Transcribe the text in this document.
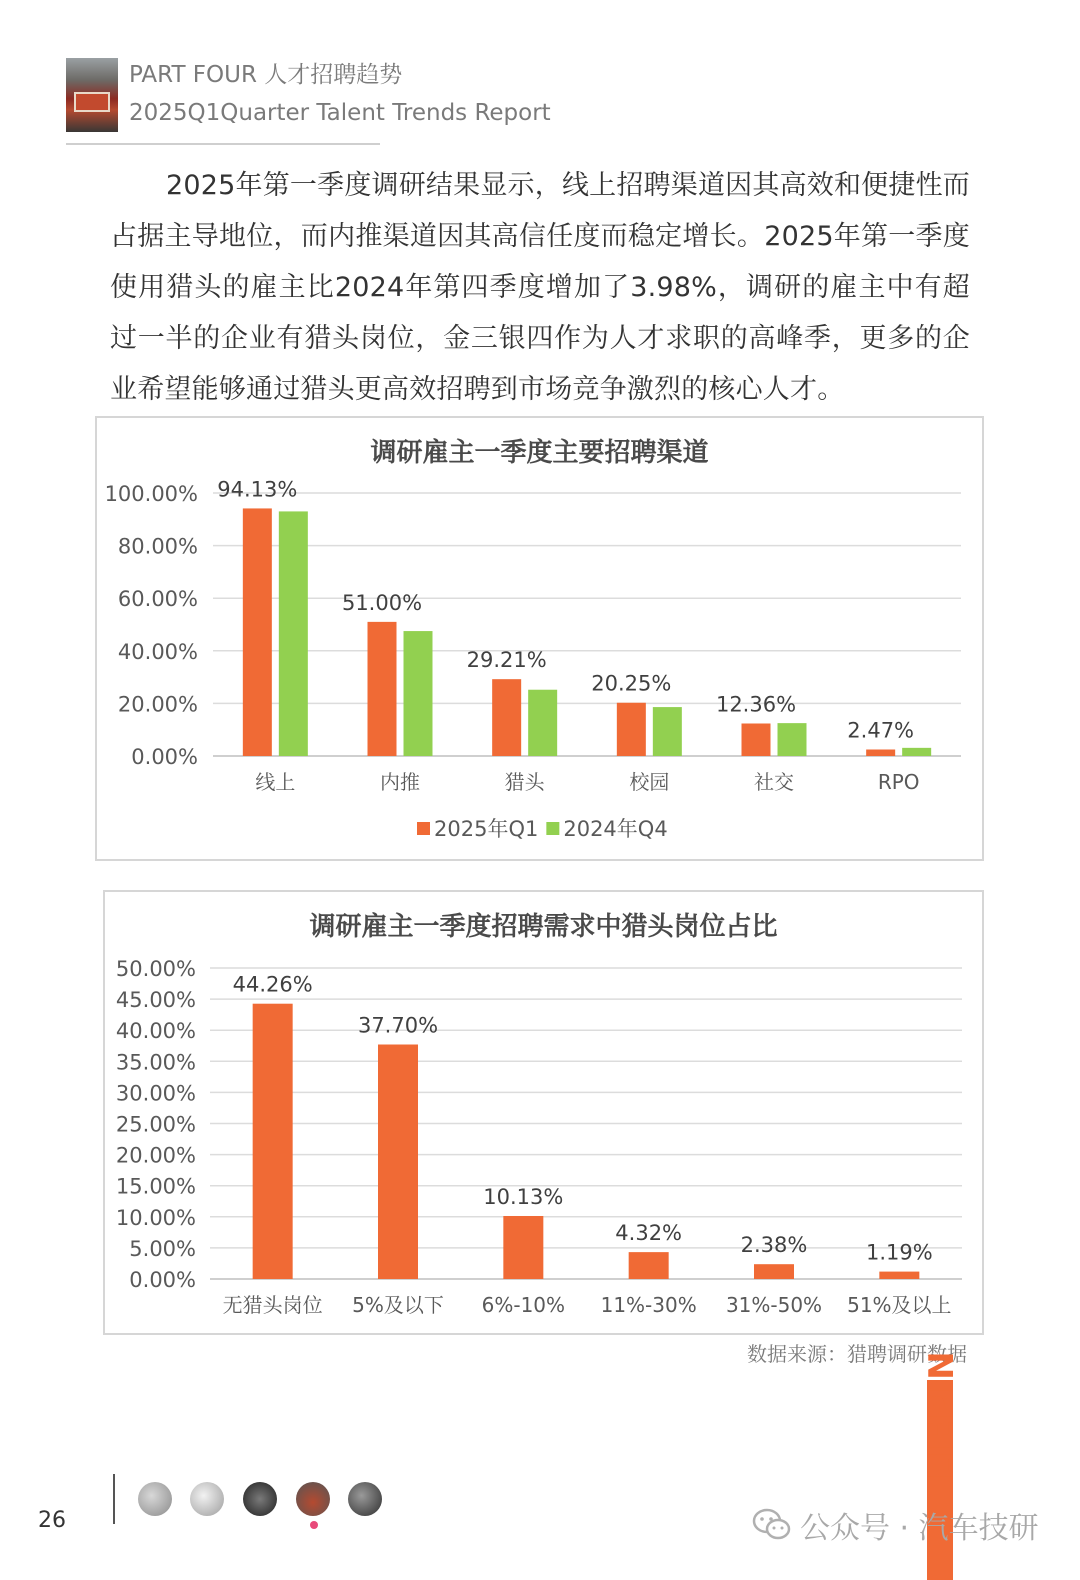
PART FOUR 人才招聘趋势
2025Q1Quarter Talent Trends Report
2025年第一季度调研结果显示，线上招聘渠道因其高效和便捷性而占据主导地位，而内推渠道因其高信任度而稳定增长。2025年第一季度使用猎头的雇主比2024年第四季度增加了3.98%，调研的雇主中有超过一半的企业有猎头岗位，金三银四作为人才求职的高峰季，更多的企业希望能够通过猎头更高效招聘到市场竞争激烈的核心人才。
调研雇主一季度主要招聘渠道
0.00%
20.00%
40.00%
60.00%
80.00%
100.00% 94.13%
线上
51.00%
内推
29.21%
猎头
20.25%
校园
12.36%
社交
2.47%
RPO
2025年Q1 2024年Q4
调研雇主一季度招聘需求中猎头岗位占比
0.00%
5.00%
10.00%
15.00%
20.00%
25.00%
30.00%
35.00%
40.00%
45.00%
50.00%
44.26%
无猎头岗位
37.70%
5%及以下
10.13%
6%-10%
4.32%
11%-30%
2.38%
31%-50%
1.19%
51%及以上
数据来源：猎聘调研数据
26
LIEPIN
公众号 · 汽车技研
